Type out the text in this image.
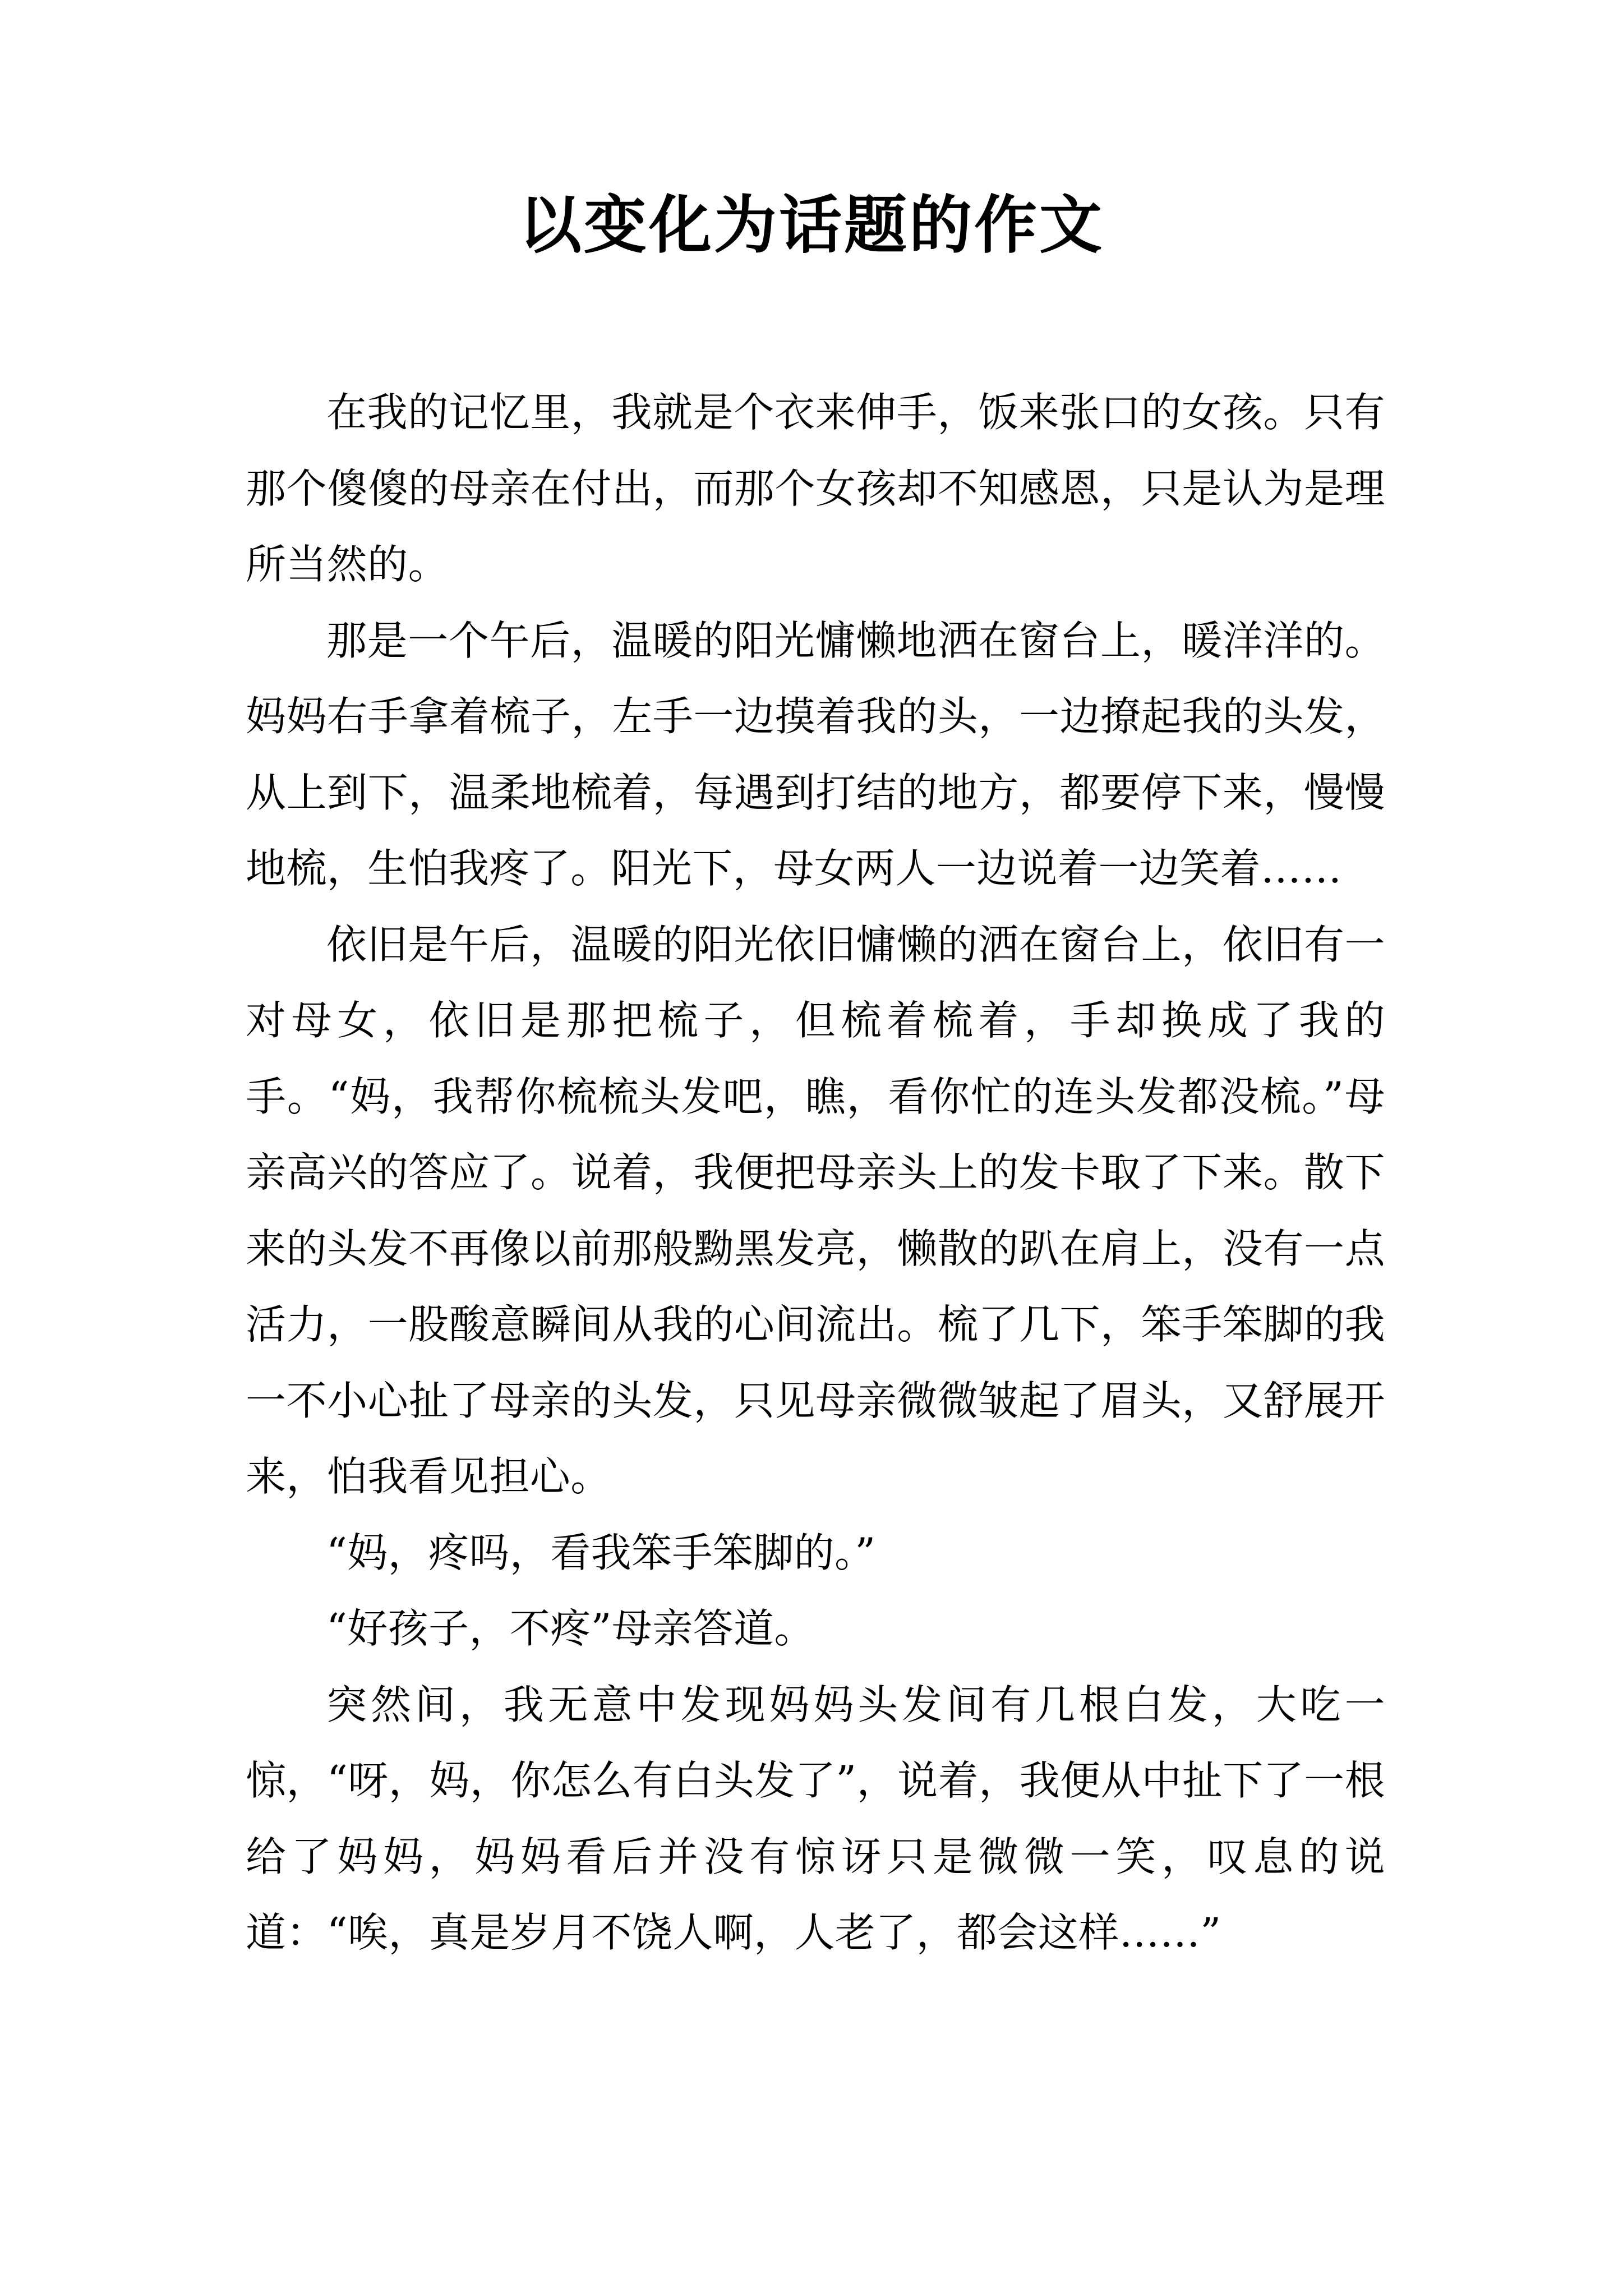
以变化为话题的作文

在我的记忆里，我就是个衣来伸手，饭来张口的女孩。只有那个傻傻的母亲在付出，而那个女孩却不知感恩，只是认为是理所当然的。

那是一个午后，温暖的阳光慵懒地洒在窗台上，暖洋洋的。妈妈右手拿着梳子，左手一边摸着我的头，一边撩起我的头发，从上到下，温柔地梳着，每遇到打结的地方，都要停下来，慢慢地梳，生怕我疼了。阳光下，母女两人一边说着一边笑着……

依旧是午后，温暖的阳光依旧慵懒的洒在窗台上，依旧有一对母女，依旧是那把梳子，但梳着梳着，手却换成了我的手。“妈，我帮你梳梳头发吧，瞧，看你忙的连头发都没梳。”母亲高兴的答应了。说着，我便把母亲头上的发卡取了下来。散下来的头发不再像以前那般黝黑发亮，懒散的趴在肩上，没有一点活力，一股酸意瞬间从我的心间流出。梳了几下，笨手笨脚的我一不小心扯了母亲的头发，只见母亲微微皱起了眉头，又舒展开来，怕我看见担心。

“妈，疼吗，看我笨手笨脚的。”

“好孩子，不疼”母亲答道。

突然间，我无意中发现妈妈头发间有几根白发，大吃一惊，“呀，妈，你怎么有白头发了”，说着，我便从中扯下了一根给了妈妈，妈妈看后并没有惊讶只是微微一笑，叹息的说道：“唉，真是岁月不饶人啊，人老了，都会这样……”
